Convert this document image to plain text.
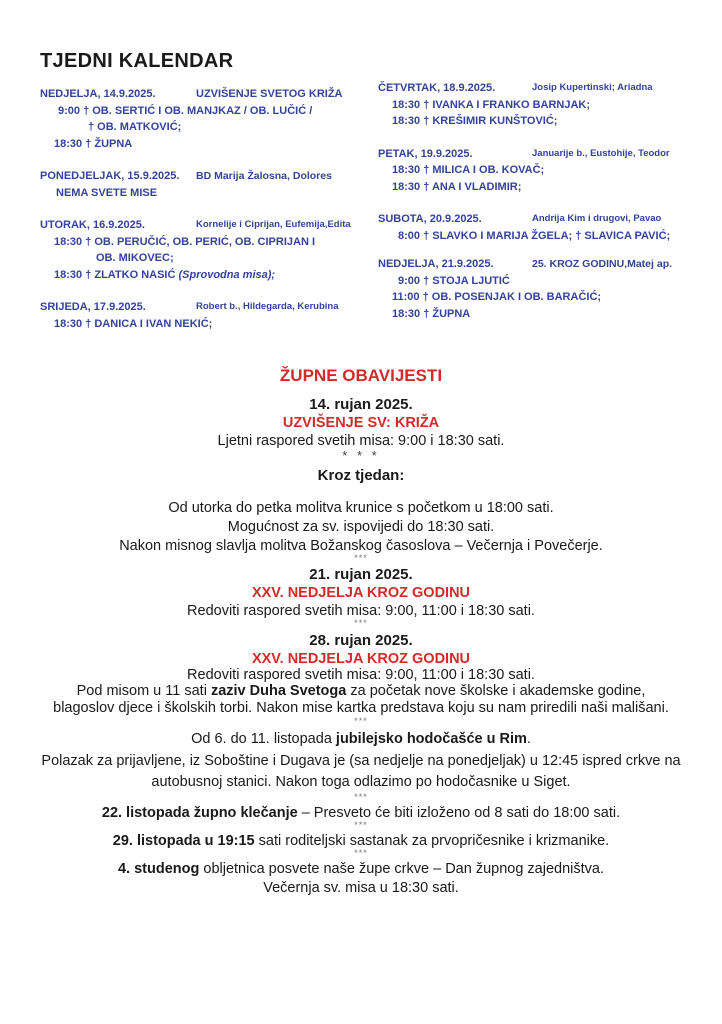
TJEDNI KALENDAR
NEDJELJA, 14.9.2025.	UZVIŠENJE SVETOG KRIŽA
9:00 † OB. SERTIĆ I OB. MANJKAZ / OB. LUČIĆ /
† OB. MATKOVIĆ;
18:30 † ŽUPNA
PONEDJELJAK, 15.9.2025. BD Marija Žalosna, Dolores
NEMA SVETE MISE
UTORAK, 16.9.2025.	Kornelije i Ciprijan, Eufemija,Edita
18:30 † OB. PERUČIĆ, OB. PERIĆ, OB. CIPRIJAN I
OB. MIKOVEC;
18:30 † ZLATKO NASIĆ (Sprovodna misa);
SRIJEDA, 17.9.2025.	Robert b., Hildegarda, Kerubina
18:30 † DANICA I IVAN NEKIĆ;
ČETVRTAK, 18.9.2025.	Josip Kupertinski; Ariadna
18:30 † IVANKA I FRANKO BARNJAK;
18:30 † KREŠIMIR KUNŠTOVIĆ;
PETAK, 19.9.2025.	Januarije b., Eustohije, Teodor
18:30 † MILICA I OB. KOVAČ;
18:30 † ANA I VLADIMIR;
SUBOTA, 20.9.2025.	Andrija Kim i drugovi, Pavao
8:00 † SLAVKO I MARIJA ŽGELA; † SLAVICA PAVIĆ;
NEDJELJA, 21.9.2025.	25. KROZ GODINU,Matej ap.
9:00 † STOJA LJUTIĆ
11:00 † OB. POSENJAK I OB. BARAČIĆ;
18:30 † ŽUPNA

ŽUPNE OBAVIJESTI

14. rujan 2025.

UZVIŠENJE SV: KRIŽA

Ljetni raspored svetih misa: 9:00 i 18:30 sati.

* * *

Kroz tjedan:

Od utorka do petka molitva krunice s početkom u 18:00 sati.

Mogućnost za sv. ispovijedi do 18:30 sati.

Nakon misnog slavlja molitva Božanskog časoslova – Večernja i Povečerje.

***

21. rujan 2025.

XXV. NEDJELJA KROZ GODINU

Redoviti raspored svetih misa: 9:00, 11:00 i 18:30 sati.

***

28. rujan 2025.

XXV. NEDJELJA KROZ GODINU

Redoviti raspored svetih misa: 9:00, 11:00 i 18:30 sati.

Pod misom u 11 sati zaziv Duha Svetoga za početak nove školske i akademske godine, blagoslov djece i školskih torbi. Nakon mise kartka predstava koju su nam priredili naši mališani.

***

Od 6. do 11. listopada jubilejsko hodočašće u Rim.

Polazak za prijavljene, iz Soboštine i Dugava je (sa nedjelje na ponedjeljak) u 12:45 ispred crkve na autobusnoj stanici. Nakon toga odlazimo po hodočasnike u Siget.

***

22. listopada župno klečanje – Presveto će biti izloženo od 8 sati do 18:00 sati.

***

29. listopada u 19:15 sati roditeljski sastanak za prvopričesnike i krizmanike.

***

4. studenog obljetnica posvete naše župe crkve – Dan župnog zajedništva.

Večernja sv. misa u 18:30 sati.
